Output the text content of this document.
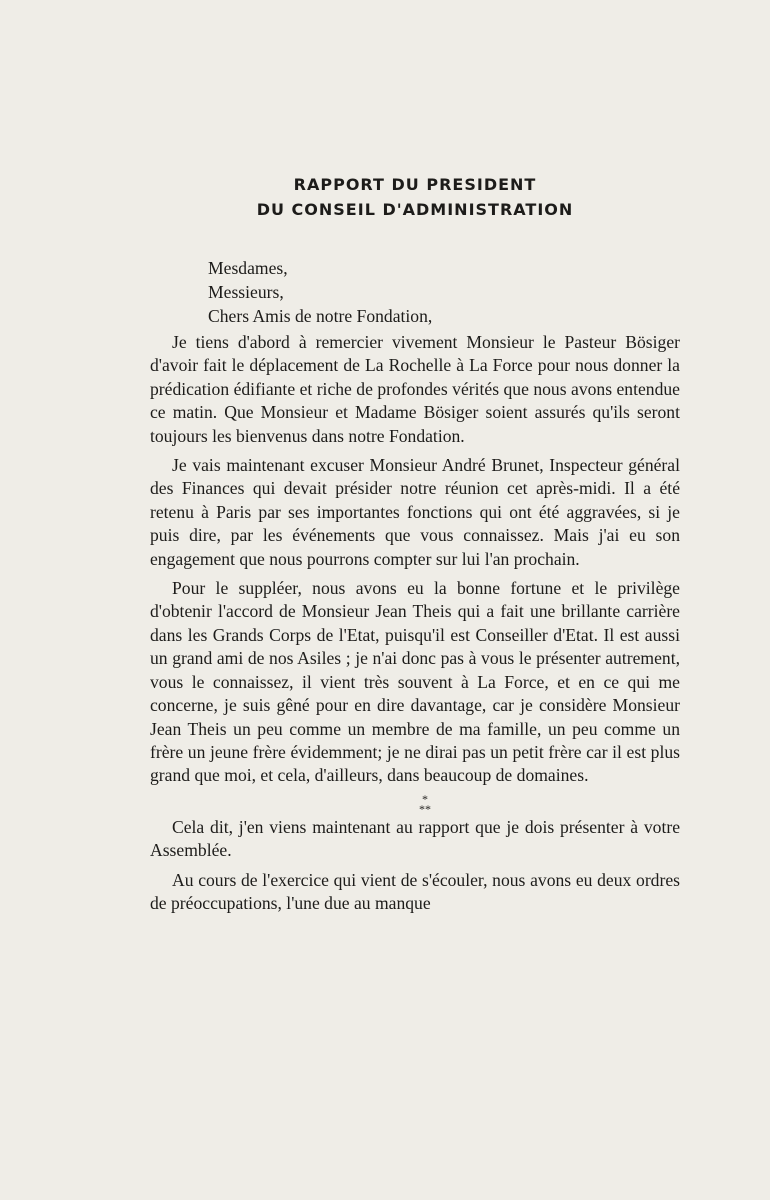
RAPPORT DU PRESIDENT
DU CONSEIL D'ADMINISTRATION
Mesdames,
Messieurs,
Chers Amis de notre Fondation,

Je tiens d'abord à remercier vivement Monsieur le Pasteur Bösiger d'avoir fait le déplacement de La Rochelle à La Force pour nous donner la prédication édifiante et riche de profondes vérités que nous avons entendue ce matin. Que Monsieur et Madame Bösiger soient assurés qu'ils seront toujours les bienvenus dans notre Fondation.

Je vais maintenant excuser Monsieur André Brunet, Inspecteur général des Finances qui devait présider notre réunion cet après-midi. Il a été retenu à Paris par ses importantes fonctions qui ont été aggravées, si je puis dire, par les événements que vous connaissez. Mais j'ai eu son engagement que nous pourrons compter sur lui l'an prochain.

Pour le suppléer, nous avons eu la bonne fortune et le privilège d'obtenir l'accord de Monsieur Jean Theis qui a fait une brillante carrière dans les Grands Corps de l'Etat, puisqu'il est Conseiller d'Etat. Il est aussi un grand ami de nos Asiles ; je n'ai donc pas à vous le présenter autrement, vous le connaissez, il vient très souvent à La Force, et en ce qui me concerne, je suis gêné pour en dire davantage, car je considère Monsieur Jean Theis un peu comme un membre de ma famille, un peu comme un frère un jeune frère évidemment; je ne dirai pas un petit frère car il est plus grand que moi, et cela, d'ailleurs, dans beaucoup de domaines.

*
**

Cela dit, j'en viens maintenant au rapport que je dois présenter à votre Assemblée.

Au cours de l'exercice qui vient de s'écouler, nous avons eu deux ordres de préoccupations, l'une due au manque
